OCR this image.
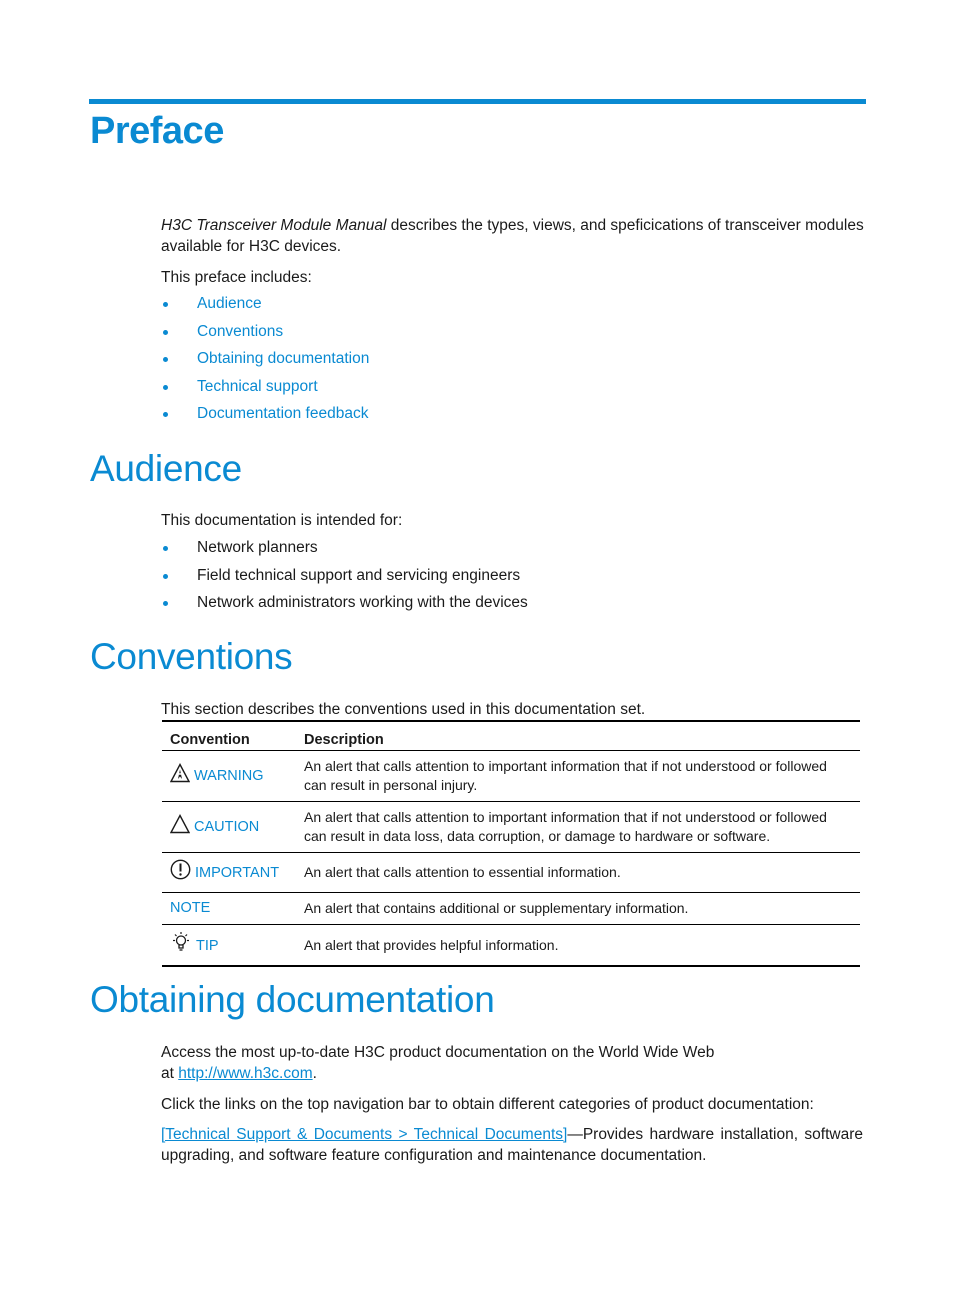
Preface

H3C Transceiver Module Manual describes the types, views, and speficications of transceiver modules available for H3C devices.

This preface includes:

Audience
Conventions
Obtaining documentation
Technical support
Documentation feedback
Audience

This documentation is intended for:

Network planners
Field technical support and servicing engineers
Network administrators working with the devices
Conventions

This section describes the conventions used in this documentation set.

Convention	Description
WARNING	An alert that calls attention to important information that if not understood or followed can result in personal injury.
CAUTION	An alert that calls attention to important information that if not understood or followed can result in data loss, data corruption, or damage to hardware or software.
IMPORTANT	An alert that calls attention to essential information.
NOTE	An alert that contains additional or supplementary information.
TIP	An alert that provides helpful information.
Obtaining documentation

Access the most up-to-date H3C product documentation on the World Wide Web
at http://www.h3c.com.

Click the links on the top navigation bar to obtain different categories of product documentation:

[Technical Support & Documents > Technical Documents]—Provides hardware installation, software upgrading, and software feature configuration and maintenance documentation.
